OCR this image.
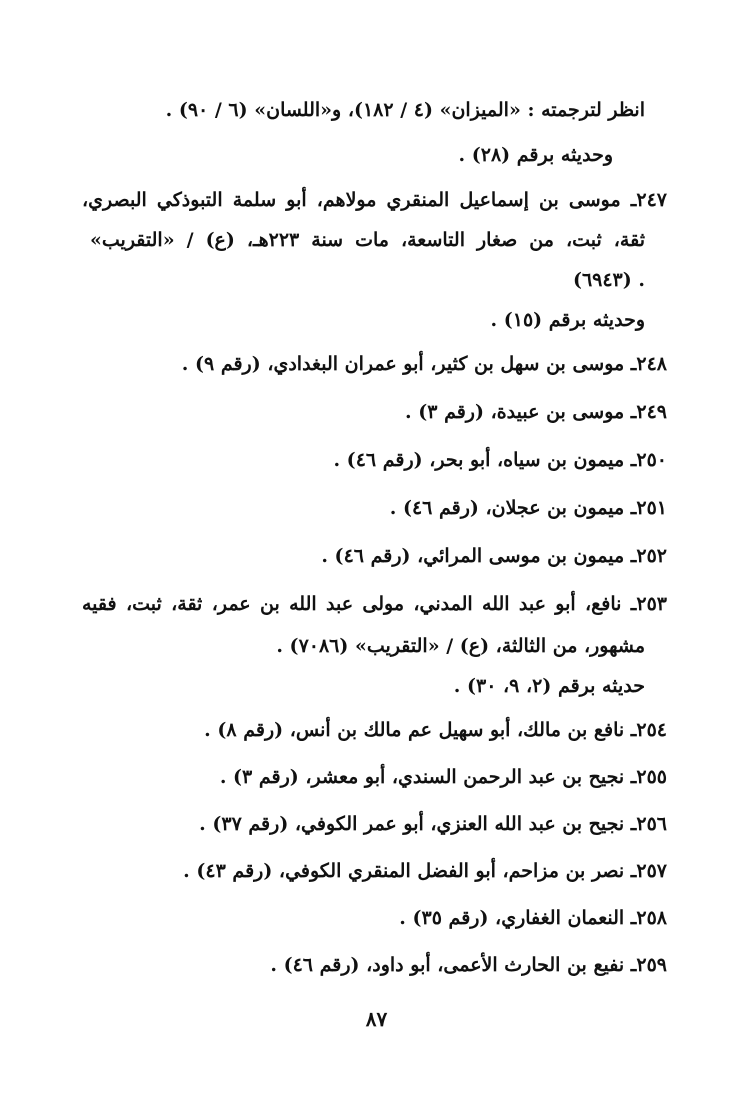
انظر لترجمته : «الميزان» (٤ / ١٨٢)، و«اللسان» (٦ / ٩٠) .
وحديثه برقم (٢٨) .
٢٤٧ـ موسى بن إسماعيل المنقري مولاهم، أبو سلمة التبوذكي البصري،
ثقة، ثبت، من صغار التاسعة، مات سنة ٢٢٣هـ، (ع) / «التقريب»
(٦٩٤٣) .
وحديثه برقم (١٥) .
٢٤٨ـ موسى بن سهل بن كثير، أبو عمران البغدادي، (رقم ٩) .
٢٤٩ـ موسى بن عبيدة، (رقم ٣) .
٢٥٠ـ ميمون بن سياه، أبو بحر، (رقم ٤٦) .
٢٥١ـ ميمون بن عجلان، (رقم ٤٦) .
٢٥٢ـ ميمون بن موسى المرائي، (رقم ٤٦) .
٢٥٣ـ نافع، أبو عبد الله المدني، مولى عبد الله بن عمر، ثقة، ثبت، فقيه
مشهور، من الثالثة، (ع) / «التقريب» (٧٠٨٦) .
حديثه برقم (٢، ٩، ٣٠) .
٢٥٤ـ نافع بن مالك، أبو سهيل عم مالك بن أنس، (رقم ٨) .
٢٥٥ـ نجيح بن عبد الرحمن السندي، أبو معشر، (رقم ٣) .
٢٥٦ـ نجيح بن عبد الله العنزي، أبو عمر الكوفي، (رقم ٣٧) .
٢٥٧ـ نصر بن مزاحم، أبو الفضل المنقري الكوفي، (رقم ٤٣) .
٢٥٨ـ النعمان الغفاري، (رقم ٣٥) .
٢٥٩ـ نفيع بن الحارث الأعمى، أبو داود، (رقم ٤٦) .
٨٧
